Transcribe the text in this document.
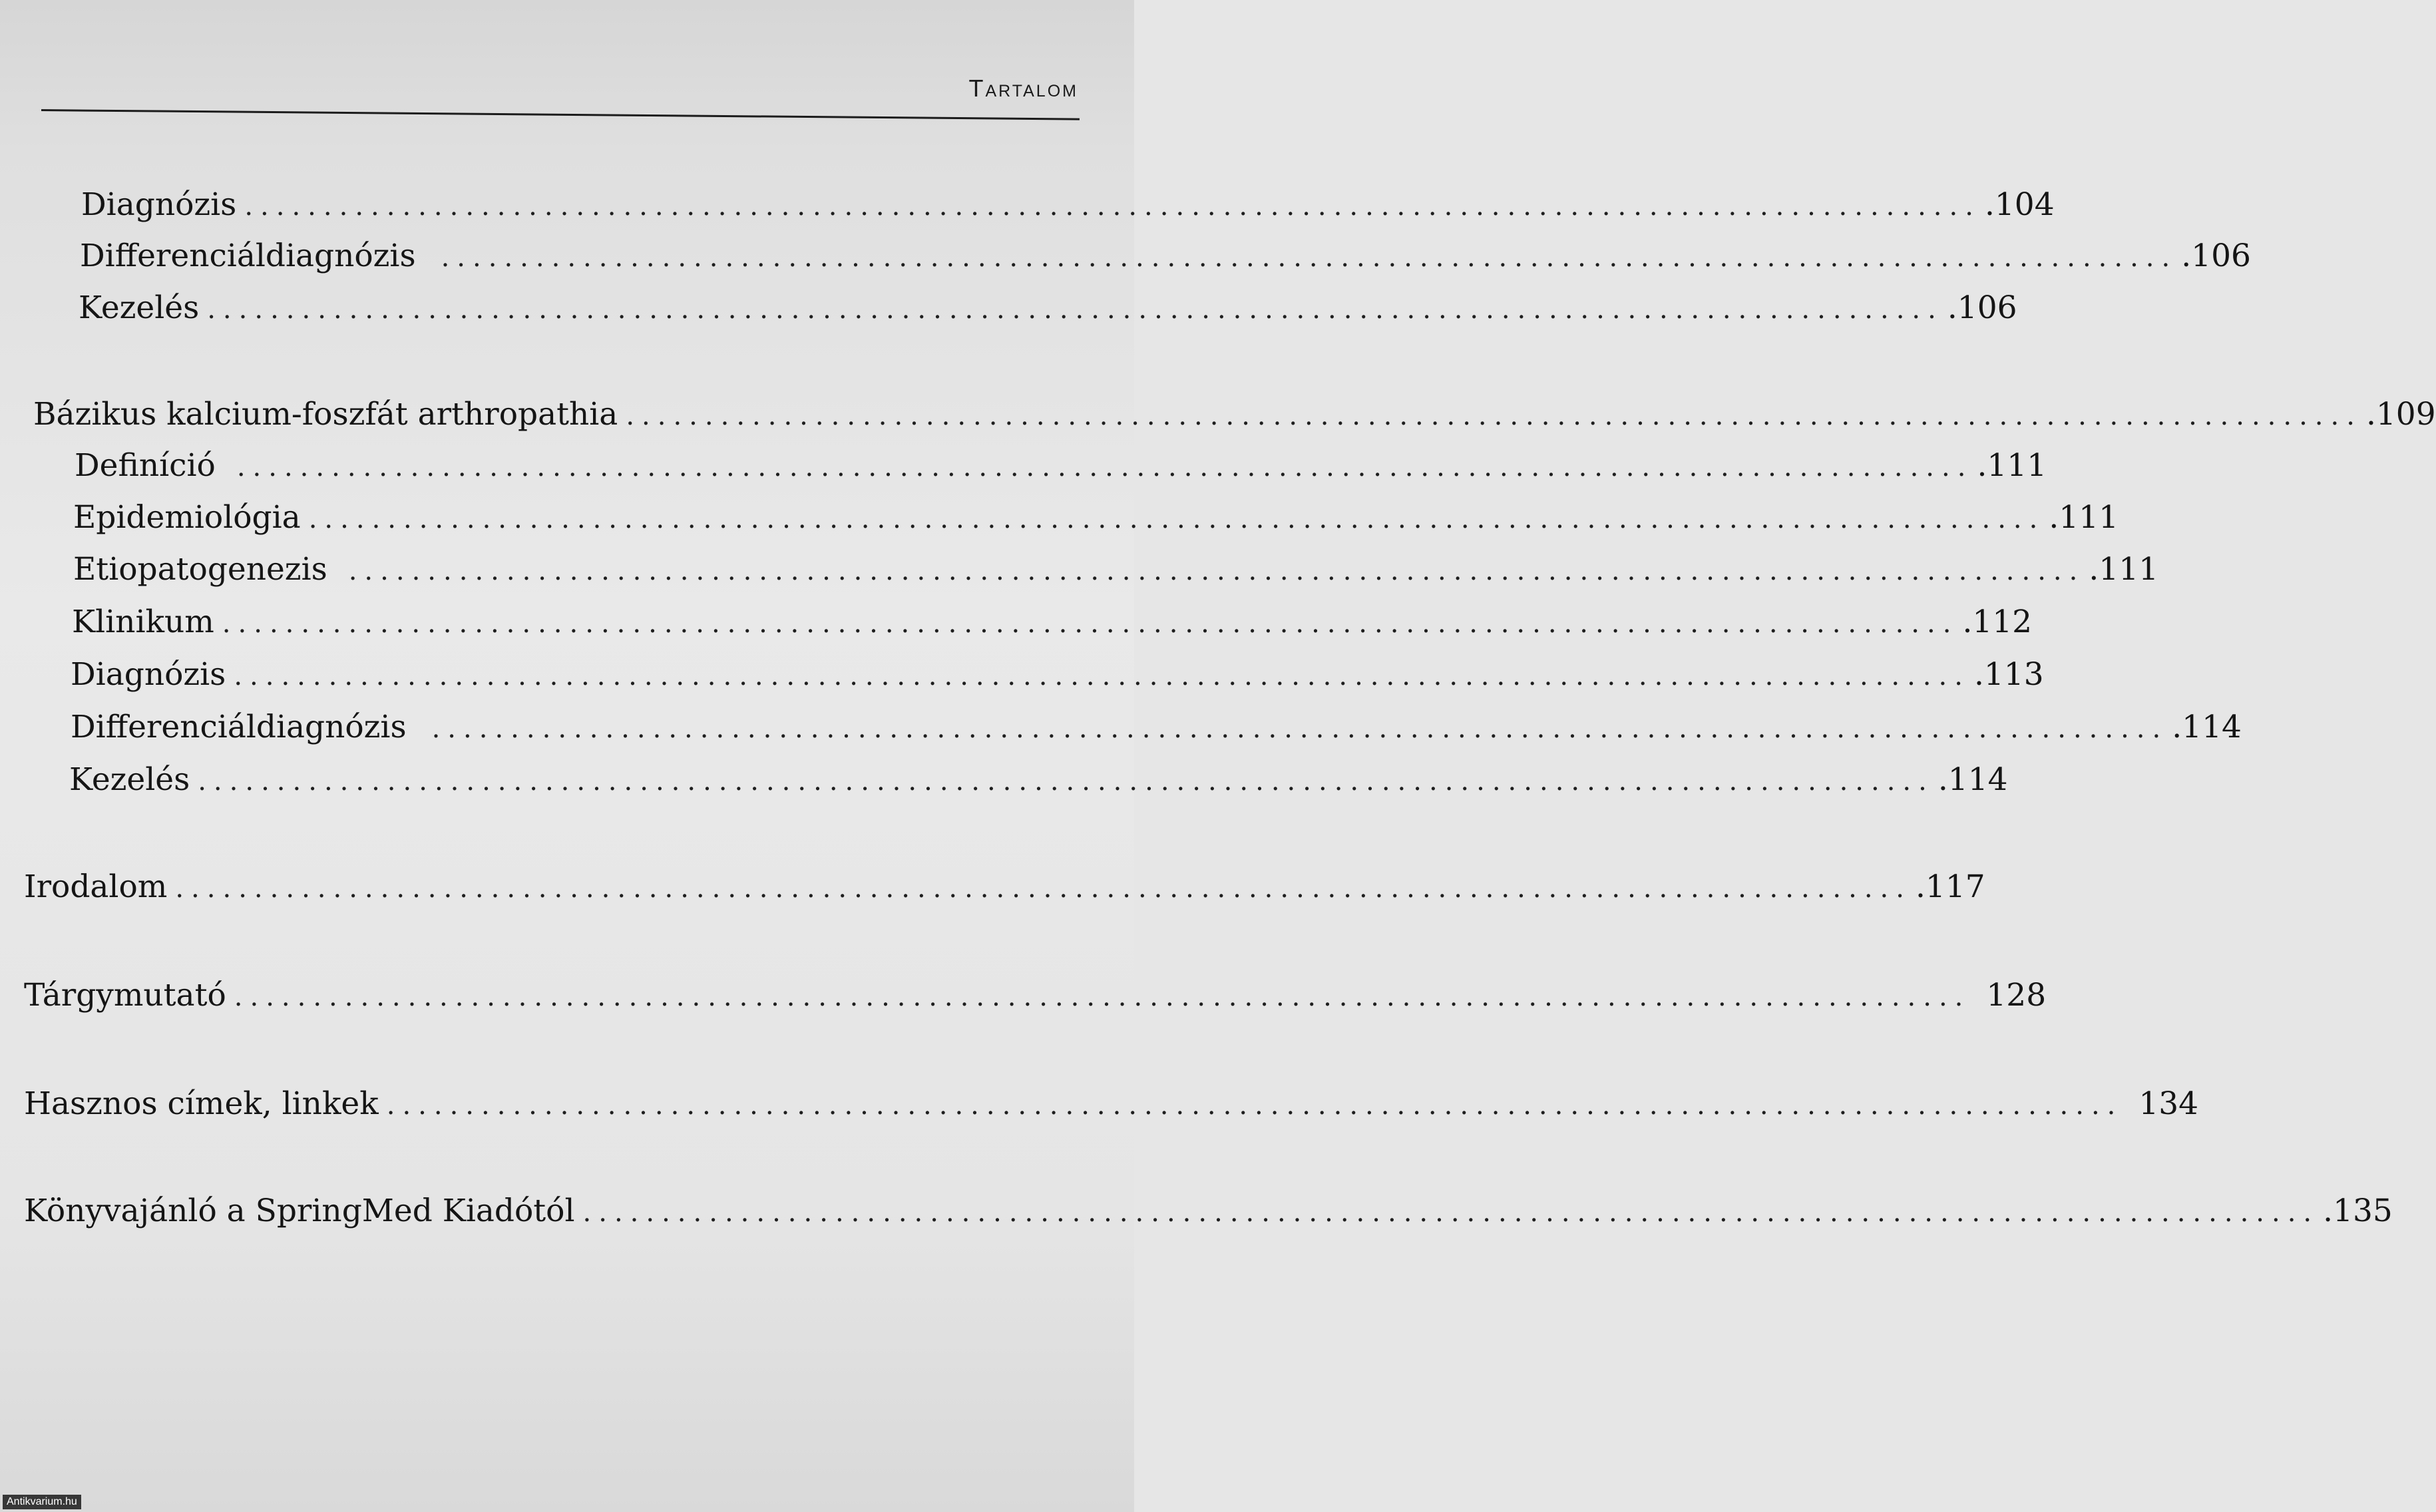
Tartalom
Diagnózis .............................................................................................................. .104
Differenciáldiagnózis .............................................................................................................. .106
Kezelés .............................................................................................................. .106
Bázikus kalcium-foszfát arthropathia .............................................................................................................. .109
Definíció .............................................................................................................. .111
Epidemiológia .............................................................................................................. .111
Etiopatogenezis .............................................................................................................. .111
Klinikum .............................................................................................................. .112
Diagnózis .............................................................................................................. .113
Differenciáldiagnózis .............................................................................................................. .114
Kezelés .............................................................................................................. .114
Irodalom .............................................................................................................. .117
Tárgymutató .............................................................................................................. 128
Hasznos címek, linkek .............................................................................................................. 134
Könyvajánló a SpringMed Kiadótól .............................................................................................................. .135
Antikvarium.hu
